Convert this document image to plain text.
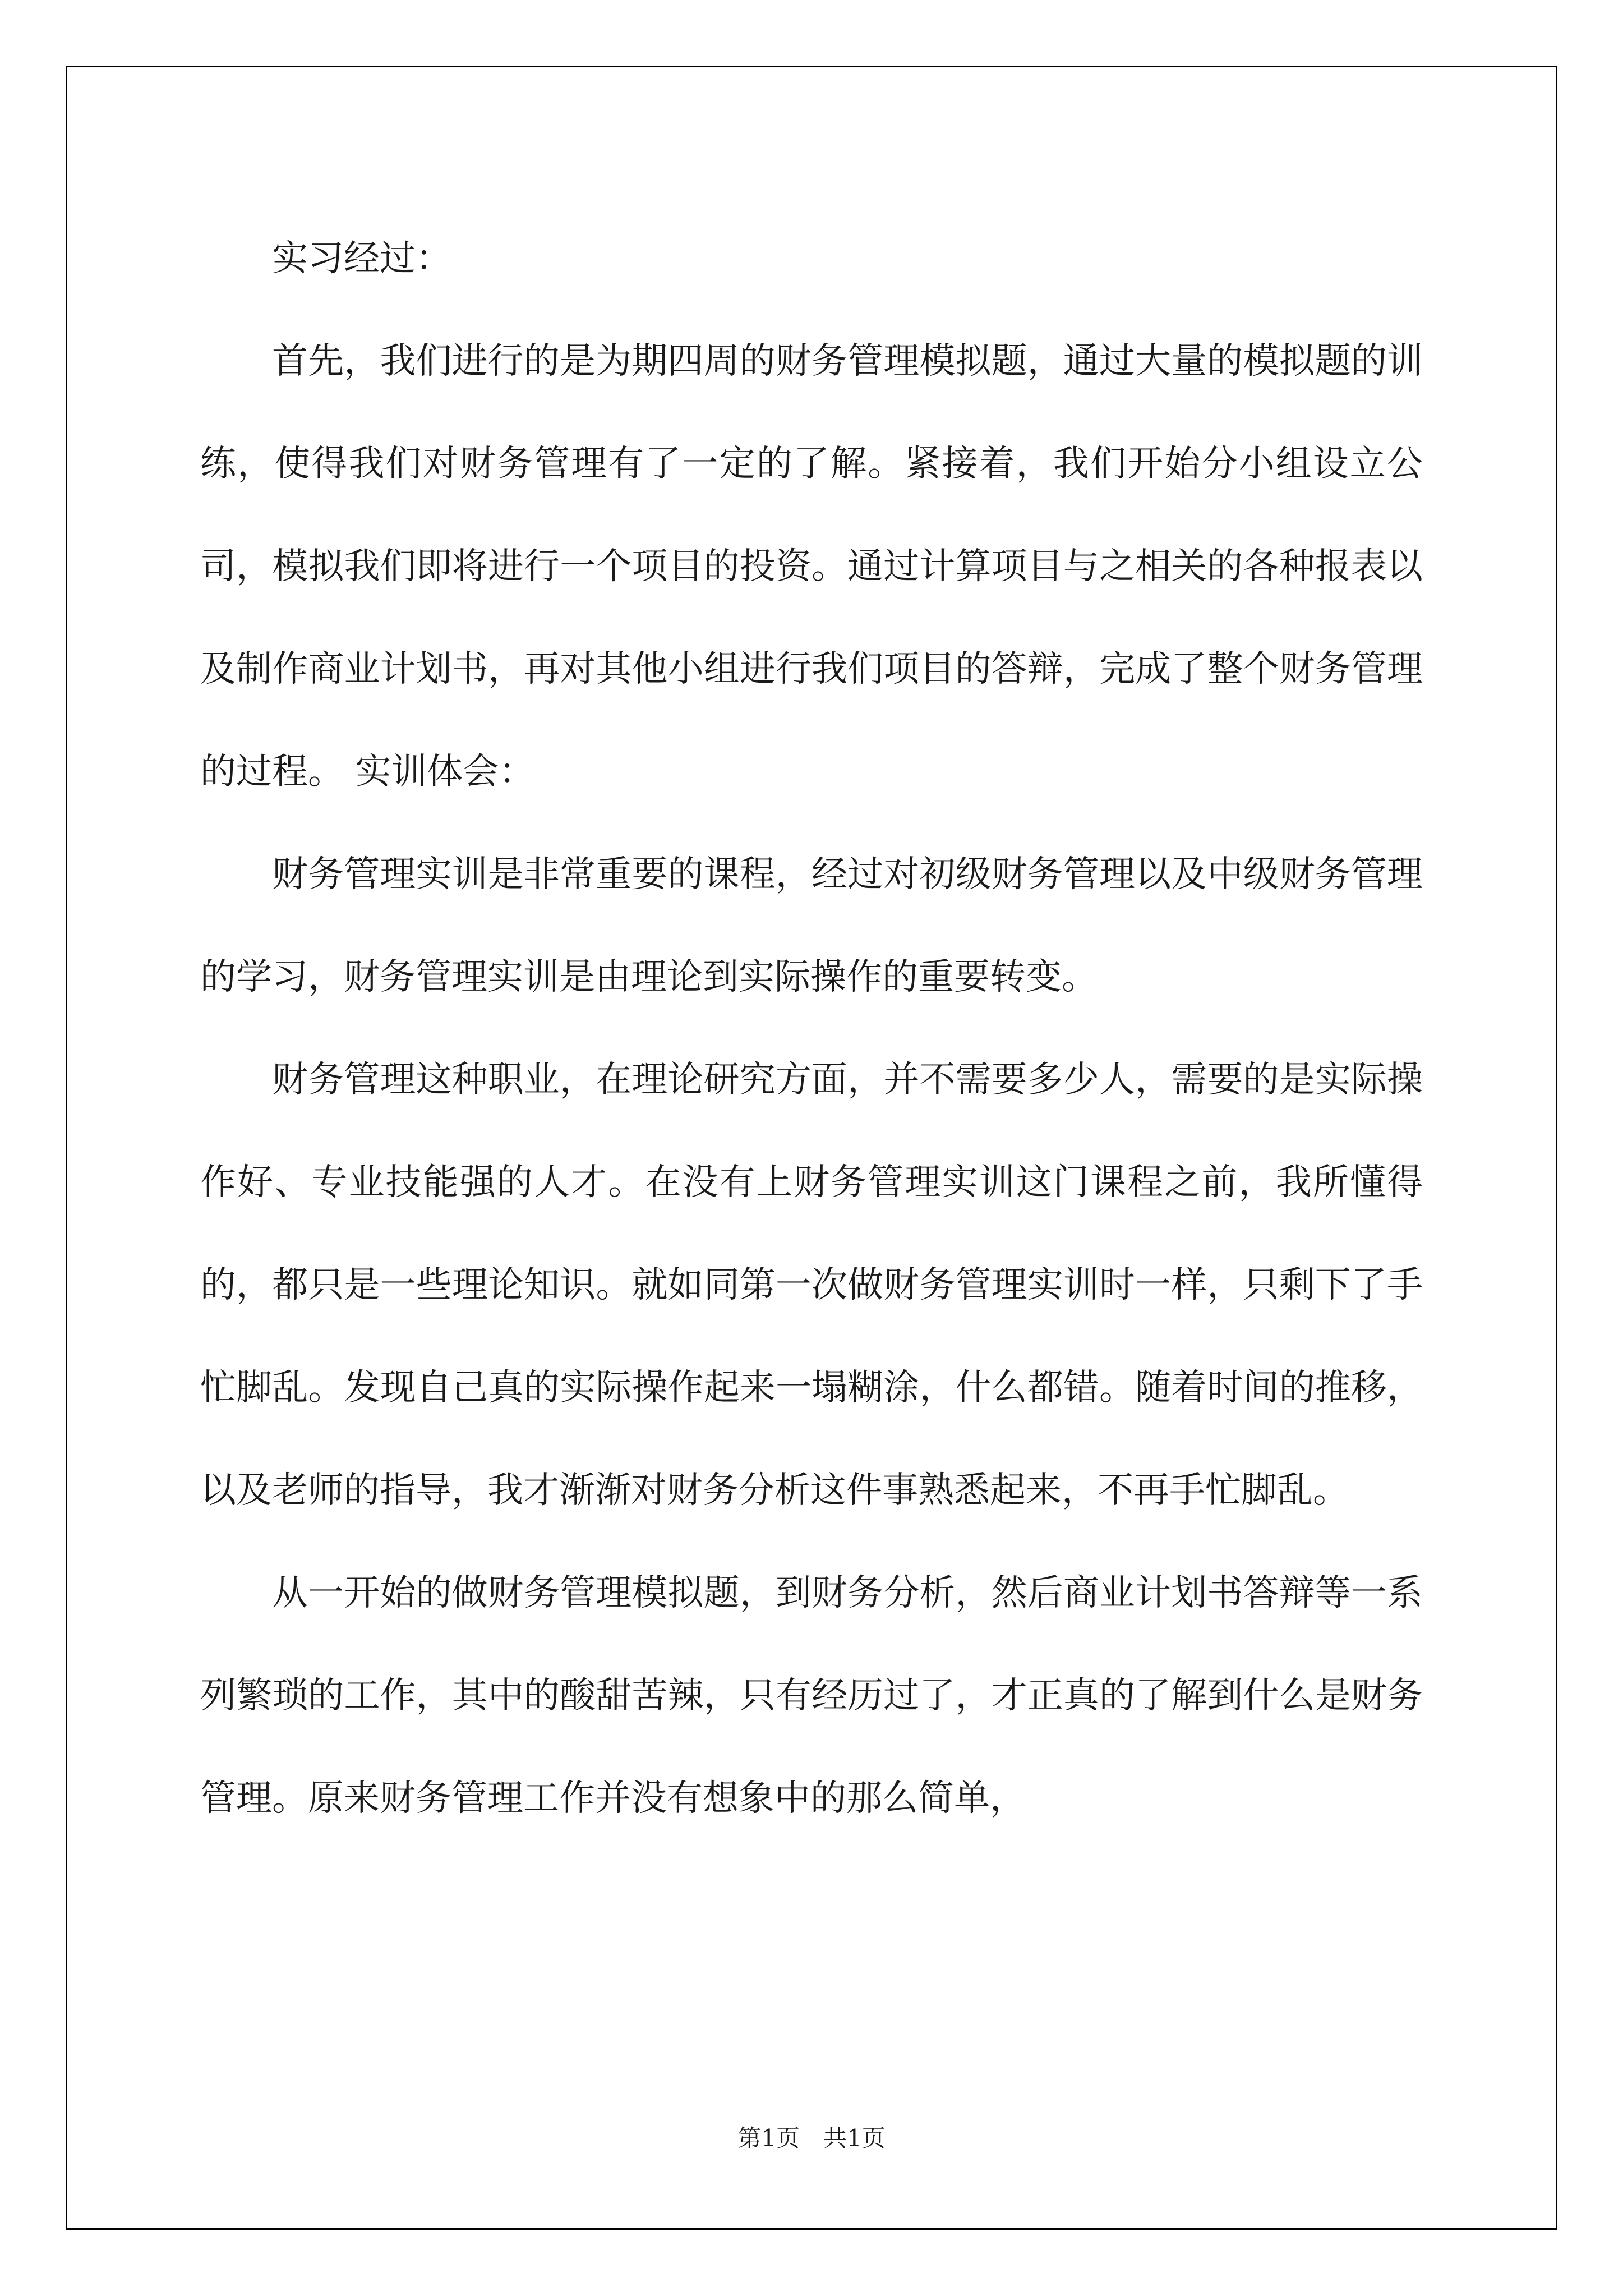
实习经过：

首先，我们进行的是为期四周的财务管理模拟题，通过大量的模拟题的训练，使得我们对财务管理有了一定的了解。紧接着，我们开始分小组设立公司，模拟我们即将进行一个项目的投资。通过计算项目与之相关的各种报表以及制作商业计划书，再对其他小组进行我们项目的答辩，完成了整个财务管理的过程。 实训体会：

财务管理实训是非常重要的课程，经过对初级财务管理以及中级财务管理的学习，财务管理实训是由理论到实际操作的重要转变。

财务管理这种职业，在理论研究方面，并不需要多少人，需要的是实际操作好、专业技能强的人才。在没有上财务管理实训这门课程之前，我所懂得的，都只是一些理论知识。就如同第一次做财务管理实训时一样，只剩下了手忙脚乱。发现自己真的实际操作起来一塌糊涂，什么都错。随着时间的推移，以及老师的指导，我才渐渐对财务分析这件事熟悉起来，不再手忙脚乱。

从一开始的做财务管理模拟题，到财务分析，然后商业计划书答辩等一系列繁琐的工作，其中的酸甜苦辣，只有经历过了，才正真的了解到什么是财务管理。原来财务管理工作并没有想象中的那么简单，

第1页　共1页
